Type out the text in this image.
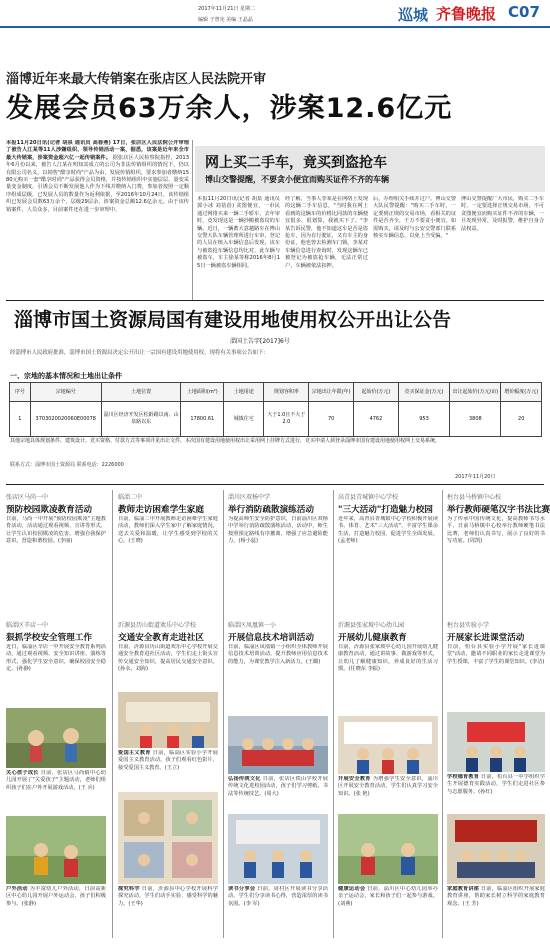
2017年11月21日 星期二
编辑 于曾宪 美编 王晶晶	巡城 齐鲁晚报 C07
淄博近年来最大传销案在张店区人民法院开审
发展会员63万余人，涉案12.6亿元
本报11月20日讯(记者 胡泉 通讯员 高春燕) 17日，张店区人民法院公开审理了被告人江某等11人涉嫌组织、领导传销活动一案，据悉，该案是近年来全市最大传销案，涉案资金超六亿一起传销案件。 据张店区人民检察院指控，2013年6月份以来，被告人江某在明知其成立的公司为非法传销组织的情况下，仍以有限公司名义，以销售"酷享时尚"产品为由，发展传销组织，要求参加者缴纳1580元购买一套"酷享时尚"产品获得会员资格，并按传销组织中实施层层，量变采量变金制度，引诱会员不断发展他人作为下线并缴纳入门费，参加者按照一定顺序组成层级，已发展人员的数量作为返利依据，至2016年10月24日，该传销组织已发展会员数63万余个，层级29层余，涉案资金总额12.6亿余元。由于该传销案件，人员众多，目前案件还在进一步审理中。
网上买二手车，竟买到盗抢车
博山交警提醒，不要贪小便宜而购买证件不齐的车辆
本报11月20日讯(记者 胡泉 通讯员 郭小冰 刘蓓蓓) 贪图便宜，一市民通过网络买来一辆二手轿车，去年审时，竟发现这是一辆抄搬被盗窃的车辆。近日，一辆蓄大意越路车在博山交警大队车辆管理所进行车审，登记的人员在核入车辆信息后发现，该车与被盗抢车辆信息均比对，此车辆与被盗车，车主徐某等称2016年8月15日一辆被盗车辆相同。
经了解，当事人李某是在网络上发现的这辆二手车信息，"当时我在网上看到的这辆车的价格比同款的车辆便宜很多，很划算，我就买下了。"李某告诉民警，他不知道这车是否是盗抢车，因为有行驶证，又有车主的身份证，他也曾去检测车门锁。李某对车辆信息进行查询时，发现这辆车已被登记为被盗抢车辆，无法正常过户，车辆被依法扣押。
后，办理相关手续并过户。博山交警大队民警提醒："购买二手车时，一定要到正规的交易市场，看相关的证件是否齐全，千万不要贪小便宜，如需购买，请及时与公安交警部门联系核实车辆信息，以免上当受骗。"
博山交警提醒广大市民，购买二手车时，一定要选择正规交易市场，不可贪图便宜而购买证件不齐的车辆，一旦发现异常，及时报警，维护自身合法权益。
淄博市国土资源局国有建设用地使用权公开出让公告
淄国土告字[2017]6号
经淄博市人民政府批准，淄博市国土资源局决定公开出让一宗国有建设用地使用权。现将有关事项公告如下：
一、宗地的基本情况和土地出让条件
序号	宗地编号	土地位置	土地面积(m²)	土地用途	规划容积率	宗地出让年限(年)	起始价(万元)	竞买保证金(万元)	出让起始价(万元/亩)	增价幅度(万元)
1	3703020020060E00078	淄川区经济开发区松龄路以南、山泉路以东	17800.61	城镇住宅	大于1.0且不大于2.0	70	4762	953	3808	20
其他宗地具体规划条件、建筑设计、竞买资格、付款方式等事项详见出让文件。本次国有建设用地使用权出让采用网上挂牌方式进行，竞买申请人须登录淄博市国有建设用地使用权网上交易系统。
联系方式：淄博市国土资源局 联系电话：2226000
2017年11月20日
张店区马尚一中
预防校园欺凌教育活动
日前，马尚一中开展"预防校园欺凌"主题教育活动，活动通过观看视频、宣讲等形式，让学生认识校园欺凌的危害，增强自我保护意识，营造和谐校园。(李丽)
临淄二中
教师走访困难学生家庭
日前，临淄二中开展教师走访困难学生家庭活动，教师们深入学生家中了解家庭情况，送去关爱和温暖，让学生感受到学校的关心。(王晓)
淄川区双杨中学
举行消防疏散演练活动
为提高师生安全防护意识，日前淄川区双杨中学举行消防疏散演练活动，活动中，师生按照预定路线有序撤离，增强了应急避险能力。(杨小蕊)
高青县青城镇中心学校
"三大活动"打造魅力校园
近年来，高青县青城镇中心学校积极开展读书、体育、艺术"三大活动"，丰富学生课余生活，打造魅力校园，促进学生全面发展。(孟老师)
桓台县马桥镇中心校
举行教师硬笔汉字书法比赛
为了传承中国传统文化，提高教师书写水平，日前马桥镇中心校举行教师硬笔书法比赛，老师们认真书写，展示了良好的书写功底。(周凯)
临淄区辛店一中
狠抓学校安全管理工作
近日，临淄区辛店一中开展安全教育系列活动，通过观看视频、安全知识讲座、演练等形式，强化学生安全意识，确保校园安全稳定。(孙静)
沂源县历山街道欢乐中心学校
交通安全教育走进社区
日前，沂源县历山街道欢乐中心学校开展交通安全教育进社区活动，学生们走上街头宣传交通安全知识，提高居民交通安全意识。(孙永，刘海)
临淄区凤凰镇一小
开展信息技术培训活动
日前，临淄区凤凰镇一小组织全体教师开展信息技术培训活动，提升教师应用信息技术的能力，为课堂教学注入新活力。(王璐)
沂源县张家坡中心幼儿园
开展幼儿健康教育
日前，沂源县张家坡中心幼儿园开展幼儿健康教育活动，通过讲故事、做游戏等形式，让幼儿了解健康知识，养成良好的生活习惯。(任晓东 李振)
桓台县实验小学
开展家长进课堂活动
日前，桓台县实验小学开展"家长进课堂"活动，邀请不同职业的家长走进课堂为学生授课，丰富了学生的课堂知识。(李洁)
关心孩子成长 日前，张店区马尚镇中心幼儿园开展了"关爱孩子"主题活动，老师们组织孩子们在户外开展游戏活动。(王 兵)
爱国主义教育 日前，临淄区实验小学开展爱国主义教育活动，孩子们观看红色影片，接受爱国主义教育。(王立)
弘扬传统文化 日前，张店区铁山学校开展传统文化进校园活动，孩子们学习剪纸、书法等传统技艺。(周大)
开展安全教育 为增强学生安全意识，淄川区开展安全教育活动，学生们认真学习安全知识。(张 艳)
学校德育教育 日前，桓台县一中学组织学生开展德育实践活动，学生们走进社区参与志愿服务。(孙红)
户外活动 为丰富幼儿户外活动，日前高新区中心幼儿园开展户外运动会，孩子们积极参与。(张静)
探究科学 日前，沂源县中心学校开展科学探究活动，学生们动手实验，感受科学的魅力。(王华)
读书分享会 日前，周村区开展读书分享活动，学生们分享读书心得，营造浓厚的读书氛围。(李 军)
健康运动会 日前，淄川区中心幼儿园举办亲子运动会，家长和孩子们一起参与游戏。(刘燕)
家庭教育讲座 日前，临淄区组织开展家庭教育讲座，帮助家长树立科学的家庭教育观念。(王 芳)
